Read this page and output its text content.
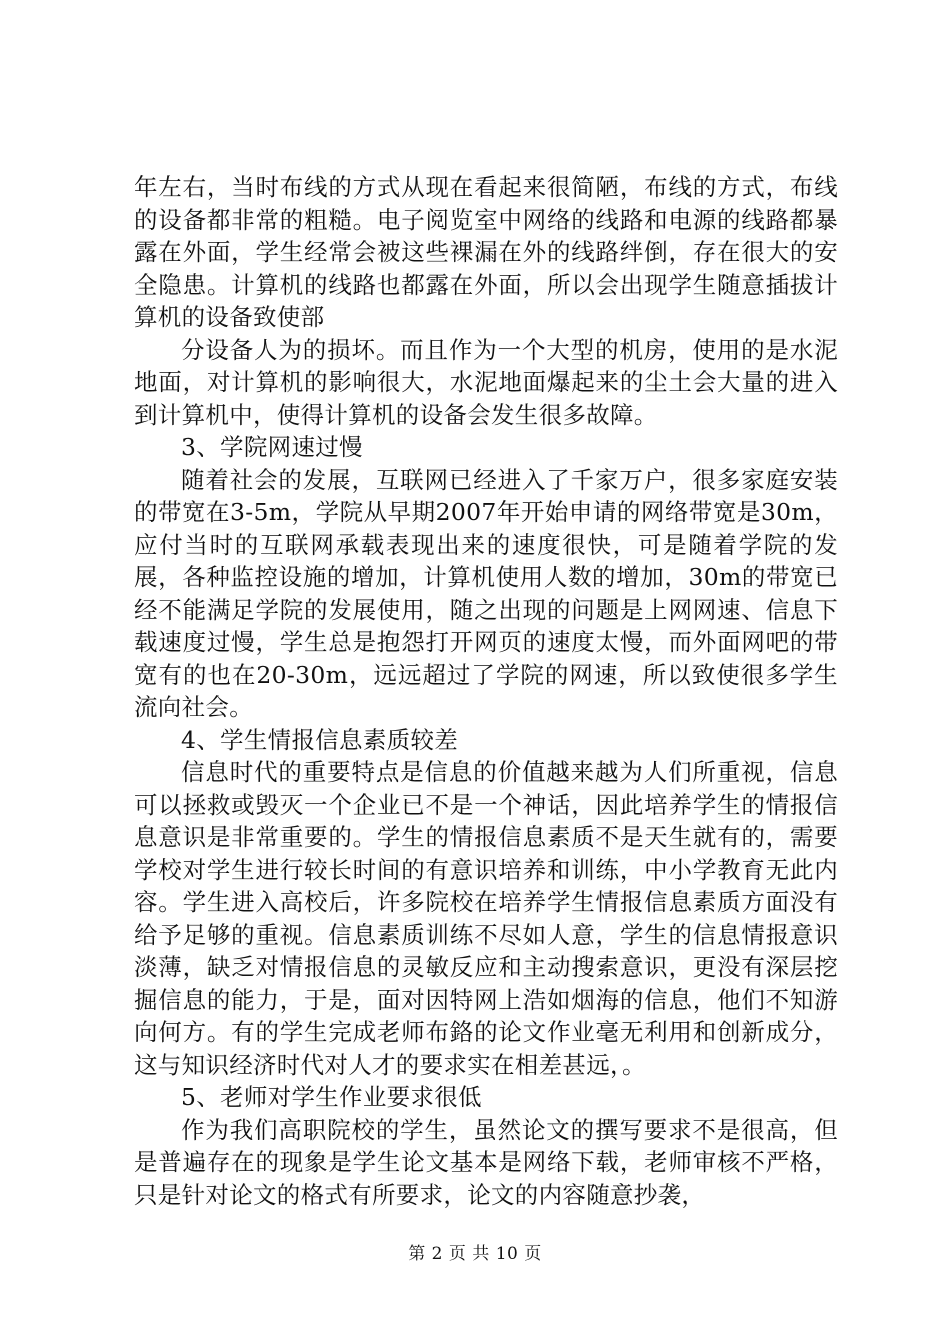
年左右，当时布线的方式从现在看起来很简陋，布线的方式，布线的设备都非常的粗糙。电子阅览室中网络的线路和电源的线路都暴露在外面，学生经常会被这些裸漏在外的线路绊倒，存在很大的安全隐患。计算机的线路也都露在外面，所以会出现学生随意插拔计算机的设备致使部

分设备人为的损坏。而且作为一个大型的机房，使用的是水泥地面，对计算机的影响很大，水泥地面爆起来的尘土会大量的进入到计算机中，使得计算机的设备会发生很多故障。

3、学院网速过慢

随着社会的发展，互联网已经进入了千家万户，很多家庭安装的带宽在3-5m，学院从早期2007年开始申请的网络带宽是30m，应付当时的互联网承载表现出来的速度很快，可是随着学院的发展，各种监控设施的增加，计算机使用人数的增加，30m的带宽已经不能满足学院的发展使用，随之出现的问题是上网网速、信息下载速度过慢，学生总是抱怨打开网页的速度太慢，而外面网吧的带宽有的也在20-30m，远远超过了学院的网速，所以致使很多学生流向社会。

4、学生情报信息素质较差

信息时代的重要特点是信息的价值越来越为人们所重视，信息可以拯救或毁灭一个企业已不是一个神话，因此培养学生的情报信息意识是非常重要的。学生的情报信息素质不是天生就有的，需要学校对学生进行较长时间的有意识培养和训练，中小学教育无此内容。学生进入高校后，许多院校在培养学生情报信息素质方面没有给予足够的重视。信息素质训练不尽如人意，学生的信息情报意识淡薄，缺乏对情报信息的灵敏反应和主动搜索意识，更没有深层挖掘信息的能力，于是，面对因特网上浩如烟海的信息，他们不知游向何方。有的学生完成老师布鉻的论文作业毫无利用和创新成分，这与知识经济时代对人才的要求实在相差甚远，。

5、老师对学生作业要求很低

作为我们高职院校的学生，虽然论文的撰写要求不是很高，但是普遍存在的现象是学生论文基本是网络下载，老师审核不严格，只是针对论文的格式有所要求，论文的内容随意抄袭，

第 2 页 共 10 页
